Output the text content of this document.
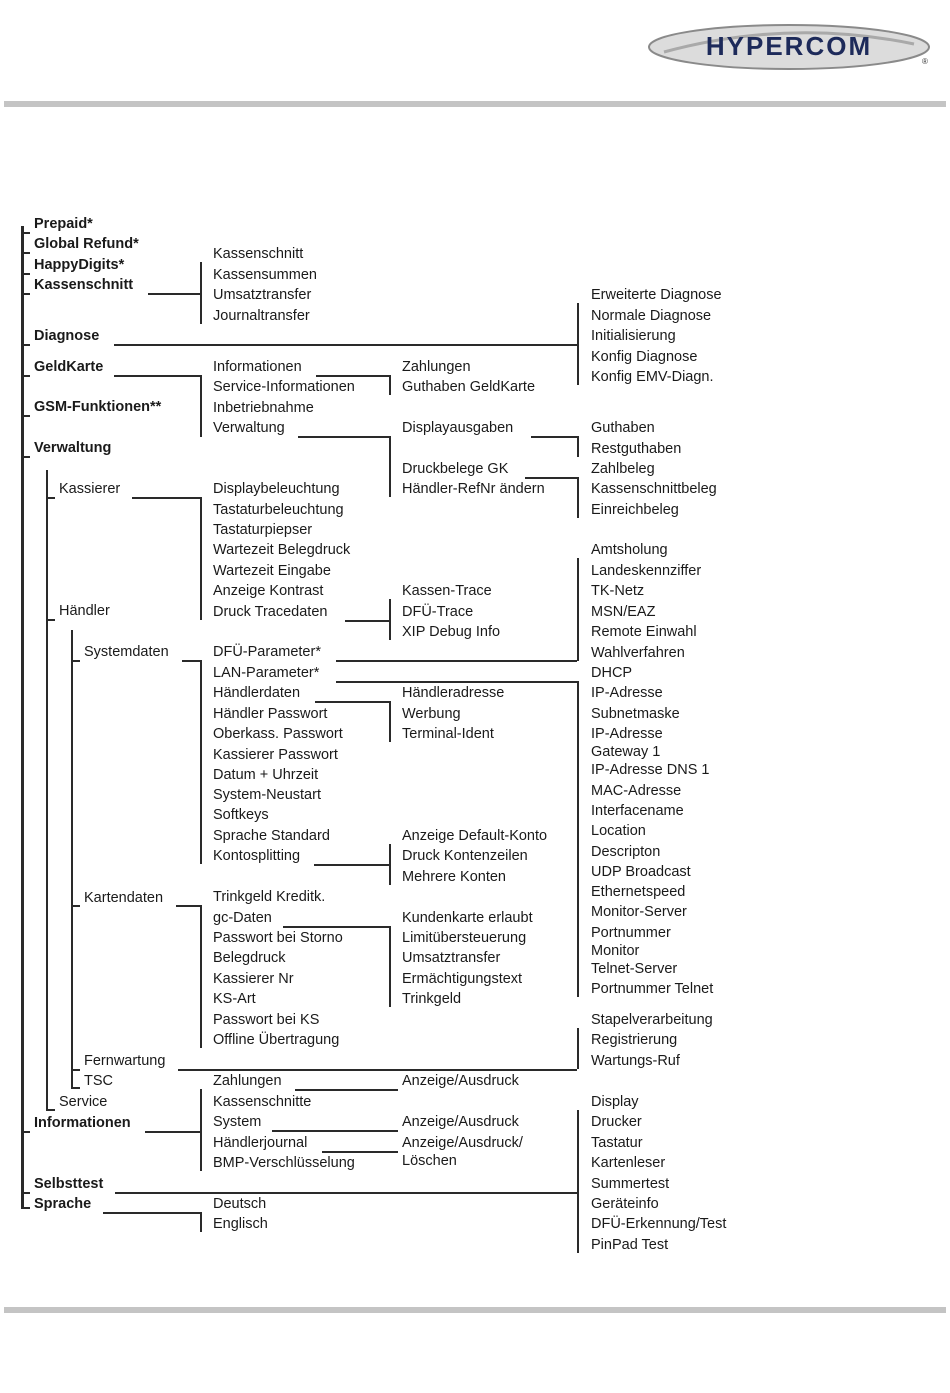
HYPERCOM
®
Prepaid*
Global Refund*
HappyDigits*
Kassenschnitt
Diagnose
GeldKarte
GSM-Funktionen**
Verwaltung
Informationen
Selbsttest
Sprache
Kassierer
Händler
Service
Systemdaten
Kartendaten
Fernwartung
TSC
Kassenschnitt
Kassensummen
Umsatztransfer
Journaltransfer
Informationen
Service-Informationen
Inbetriebnahme
Verwaltung
Displaybeleuchtung
Tastaturbeleuchtung
Tastaturpiepser
Wartezeit Belegdruck
Wartezeit Eingabe
Anzeige Kontrast
Druck Tracedaten
DFÜ-Parameter*
LAN-Parameter*
Händlerdaten
Händler Passwort
Oberkass. Passwort
Kassierer Passwort
Datum + Uhrzeit
System-Neustart
Softkeys
Sprache Standard
Kontosplitting
Trinkgeld Kreditk.
gc-Daten
Passwort bei Storno
Belegdruck
Kassierer Nr
KS-Art
Passwort bei KS
Offline Übertragung
Zahlungen
Kassenschnitte
System
Händlerjournal
BMP-Verschlüsselung
Deutsch
Englisch
Zahlungen
Guthaben GeldKarte
Displayausgaben
Druckbelege GK
Händler-RefNr ändern
Kassen-Trace
DFÜ-Trace
XIP Debug Info
Händleradresse
Werbung
Terminal-Ident
Anzeige Default-Konto
Druck Kontenzeilen
Mehrere Konten
Kundenkarte erlaubt
Limitübersteuerung
Umsatztransfer
Ermächtigungstext
Trinkgeld
Anzeige/Ausdruck
Anzeige/Ausdruck
Anzeige/Ausdruck/
Löschen
Erweiterte Diagnose
Normale Diagnose
Initialisierung
Konfig Diagnose
Konfig EMV-Diagn.
Guthaben
Restguthaben
Zahlbeleg
Kassenschnittbeleg
Einreichbeleg
Amtsholung
Landeskennziffer
TK-Netz
MSN/EAZ
Remote Einwahl
Wahlverfahren
DHCP
IP-Adresse
Subnetmaske
IP-Adresse
Gateway 1
IP-Adresse DNS 1
MAC-Adresse
Interfacename
Location
Descripton
UDP Broadcast
Ethernetspeed
Monitor-Server
Portnummer
Monitor
Telnet-Server
Portnummer Telnet
Stapelverarbeitung
Registrierung
Wartungs-Ruf
Display
Drucker
Tastatur
Kartenleser
Summertest
Geräteinfo
DFÜ-Erkennung/Test
PinPad Test
